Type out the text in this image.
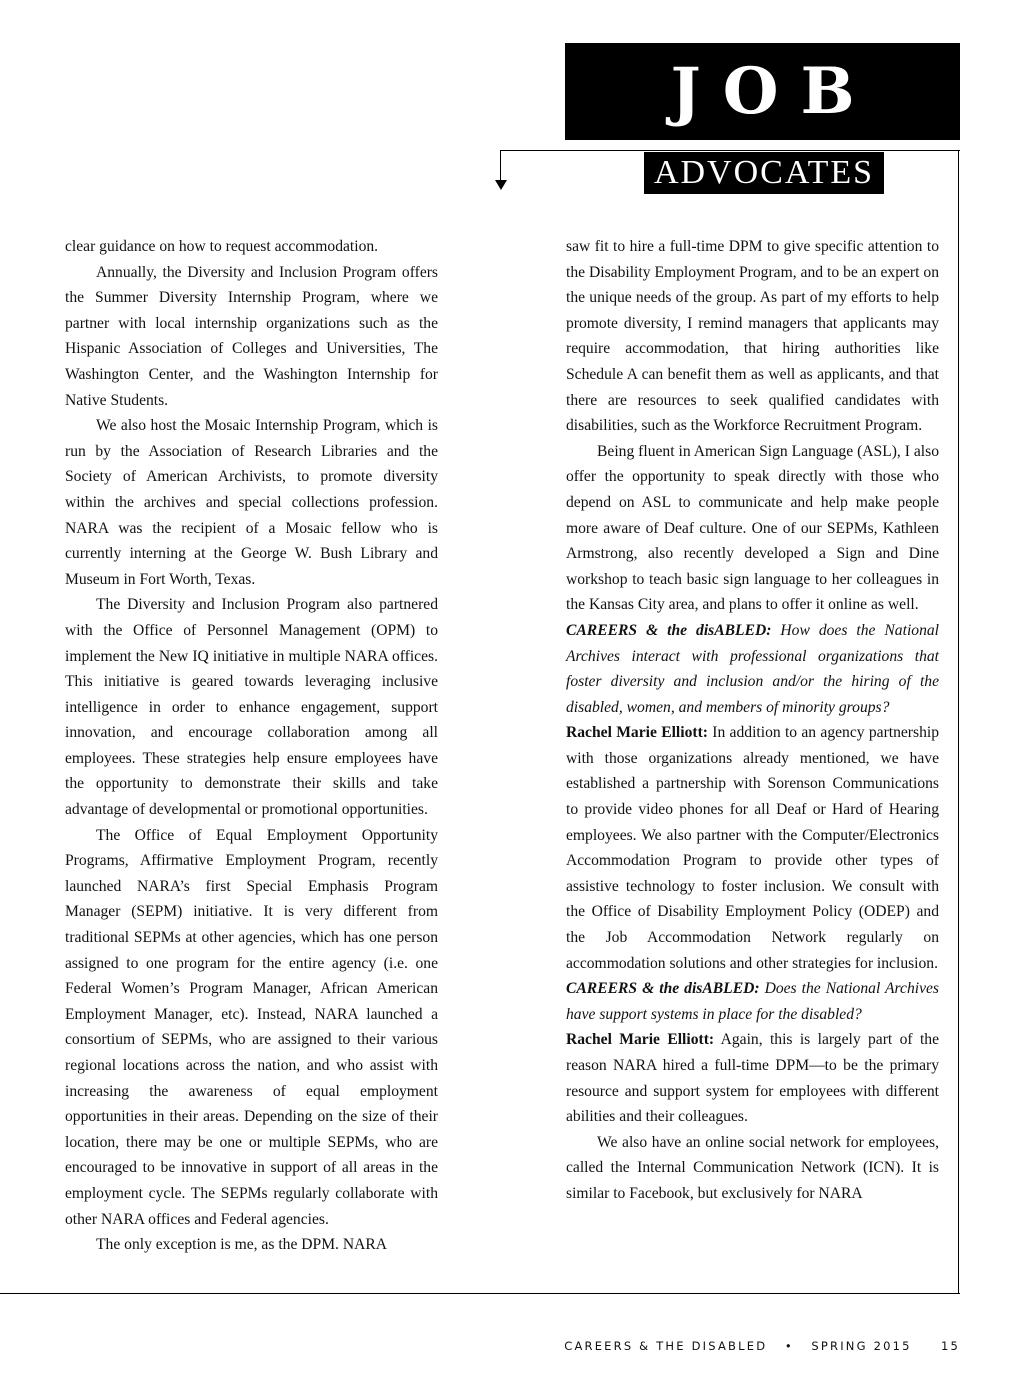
JOB
ADVOCATES

clear guidance on how to request accommodation.

Annually, the Diversity and Inclusion Program offers the Summer Diversity Internship Program, where we partner with local internship organizations such as the Hispanic Association of Colleges and Universities, The Washington Center, and the Washington Internship for Native Students.

We also host the Mosaic Internship Program, which is run by the Association of Research Libraries and the Society of American Archivists, to promote diversity within the archives and special collections profession. NARA was the recipient of a Mosaic fellow who is currently interning at the George W. Bush Library and Museum in Fort Worth, Texas.

The Diversity and Inclusion Program also partnered with the Office of Personnel Management (OPM) to implement the New IQ initiative in multiple NARA offices. This initiative is geared towards leveraging inclusive intelligence in order to enhance engagement, support innovation, and encourage collaboration among all employees. These strategies help ensure employees have the opportunity to demonstrate their skills and take advantage of developmental or promotional opportunities.

The Office of Equal Employment Opportunity Programs, Affirmative Employment Program, recently launched NARA’s first Special Emphasis Program Manager (SEPM) initiative. It is very different from traditional SEPMs at other agencies, which has one person assigned to one program for the entire agency (i.e. one Federal Women’s Program Manager, African American Employment Manager, etc). Instead, NARA launched a consortium of SEPMs, who are assigned to their various regional locations across the nation, and who assist with increasing the awareness of equal employment opportunities in their areas. Depending on the size of their location, there may be one or multiple SEPMs, who are encouraged to be innovative in support of all areas in the employment cycle. The SEPMs regularly collaborate with other NARA offices and Federal agencies.

The only exception is me, as the DPM. NARA

saw fit to hire a full-time DPM to give specific attention to the Disability Employment Program, and to be an expert on the unique needs of the group. As part of my efforts to help promote diversity, I remind managers that applicants may require accommodation, that hiring authorities like Schedule A can benefit them as well as applicants, and that there are resources to seek qualified candidates with disabilities, such as the Workforce Recruitment Program.

Being fluent in American Sign Language (ASL), I also offer the opportunity to speak directly with those who depend on ASL to communicate and help make people more aware of Deaf culture. One of our SEPMs, Kathleen Armstrong, also recently developed a Sign and Dine workshop to teach basic sign language to her colleagues in the Kansas City area, and plans to offer it online as well.

CAREERS & the disABLED: How does the National Archives interact with professional organizations that foster diversity and inclusion and/or the hiring of the disabled, women, and members of minority groups?

Rachel Marie Elliott: In addition to an agency partnership with those organizations already mentioned, we have established a partnership with Sorenson Communications to provide video phones for all Deaf or Hard of Hearing employees. We also partner with the Computer/Electronics Accommodation Program to provide other types of assistive technology to foster inclusion. We consult with the Office of Disability Employment Policy (ODEP) and the Job Accommodation Network regularly on accommodation solutions and other strategies for inclusion.

CAREERS & the disABLED: Does the National Archives have support systems in place for the disabled?

Rachel Marie Elliott: Again, this is largely part of the reason NARA hired a full-time DPM—to be the primary resource and support system for employees with different abilities and their colleagues.

We also have an online social network for employees, called the Internal Communication Network (ICN). It is similar to Facebook, but exclusively for NARA

CAREERS & THE DISABLED • SPRING 2015	15
